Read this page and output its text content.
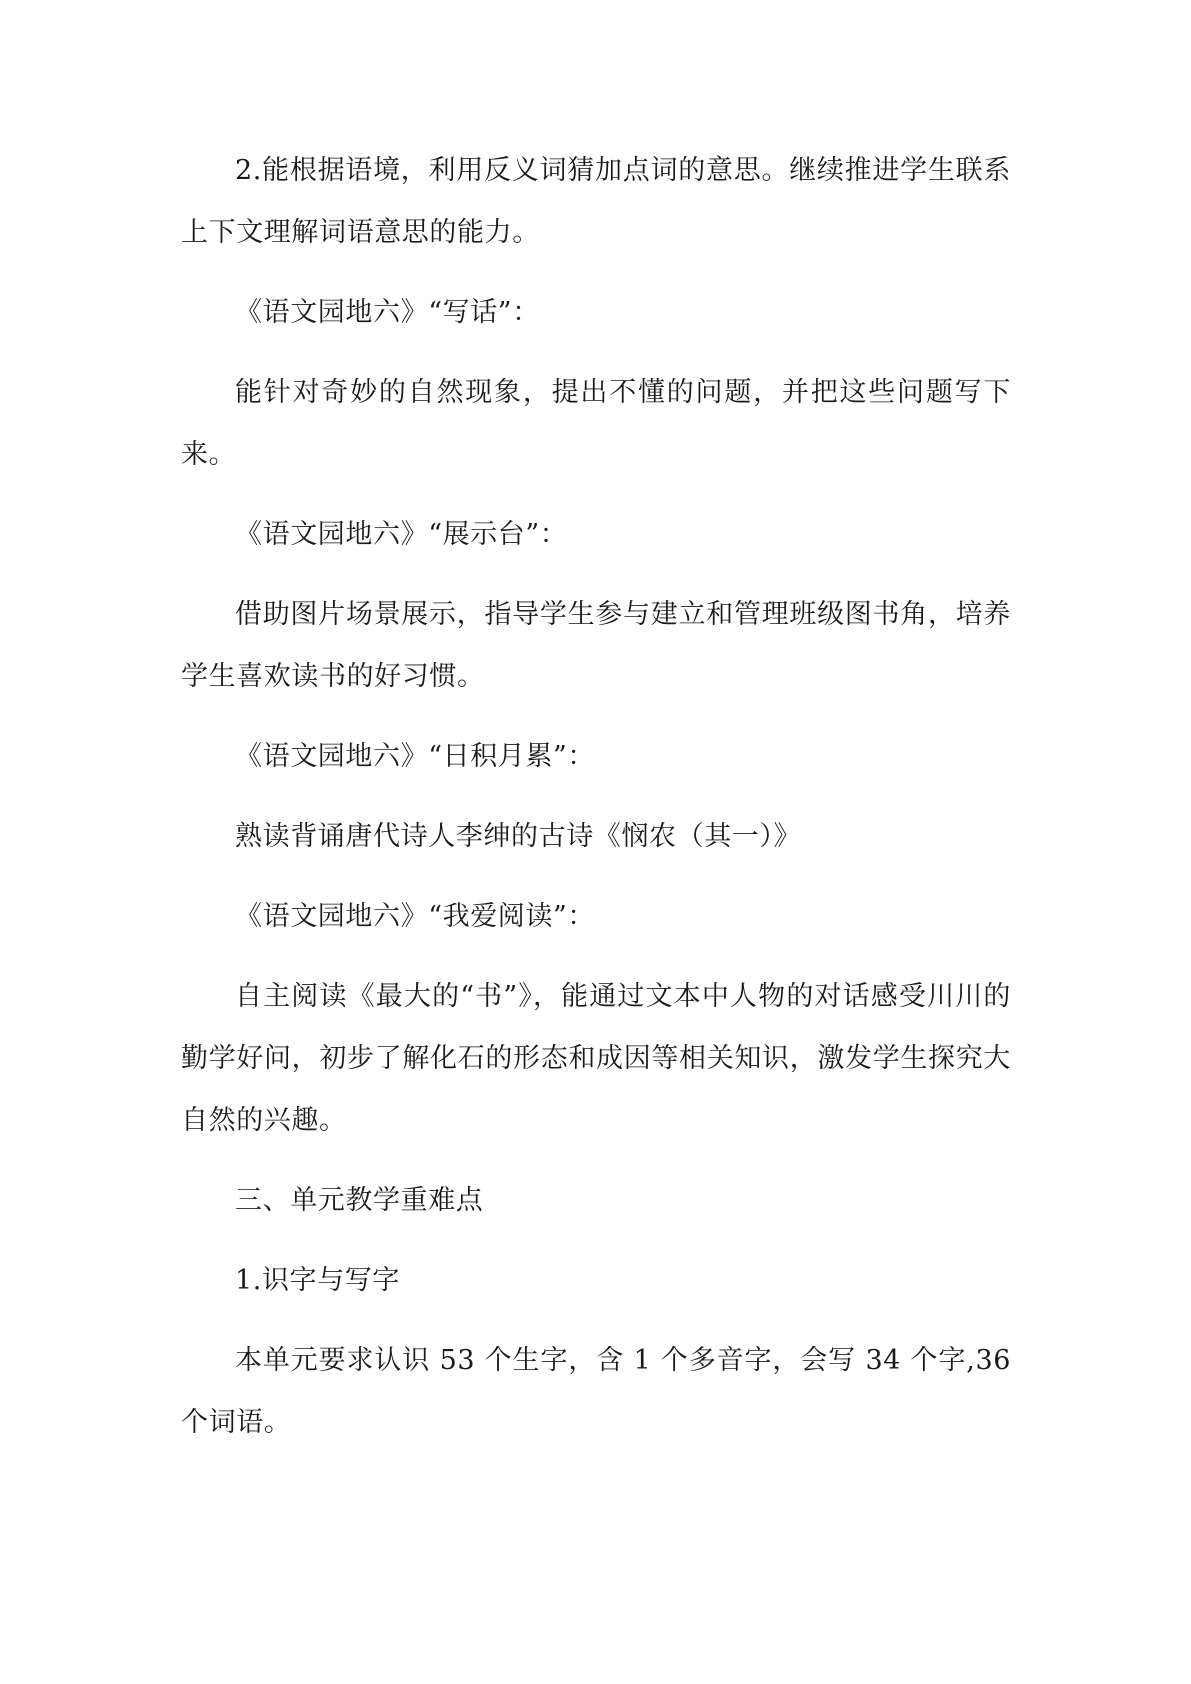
2.能根据语境，利用反义词猜加点词的意思。继续推进学生联系上下文理解词语意思的能力。

《语文园地六》“写话”：

能针对奇妙的自然现象，提出不懂的问题，并把这些问题写下来。

《语文园地六》“展示台”：

借助图片场景展示，指导学生参与建立和管理班级图书角，培养学生喜欢读书的好习惯。

《语文园地六》“日积月累”：

熟读背诵唐代诗人李绅的古诗《悯农（其一）》

《语文园地六》“我爱阅读”：

自主阅读《最大的“书”》，能通过文本中人物的对话感受川川的勤学好问，初步了解化石的形态和成因等相关知识，激发学生探究大自然的兴趣。

三、单元教学重难点

1.识字与写字

本单元要求认识 53 个生字，含 1 个多音字，会写 34 个字,36个词语。
